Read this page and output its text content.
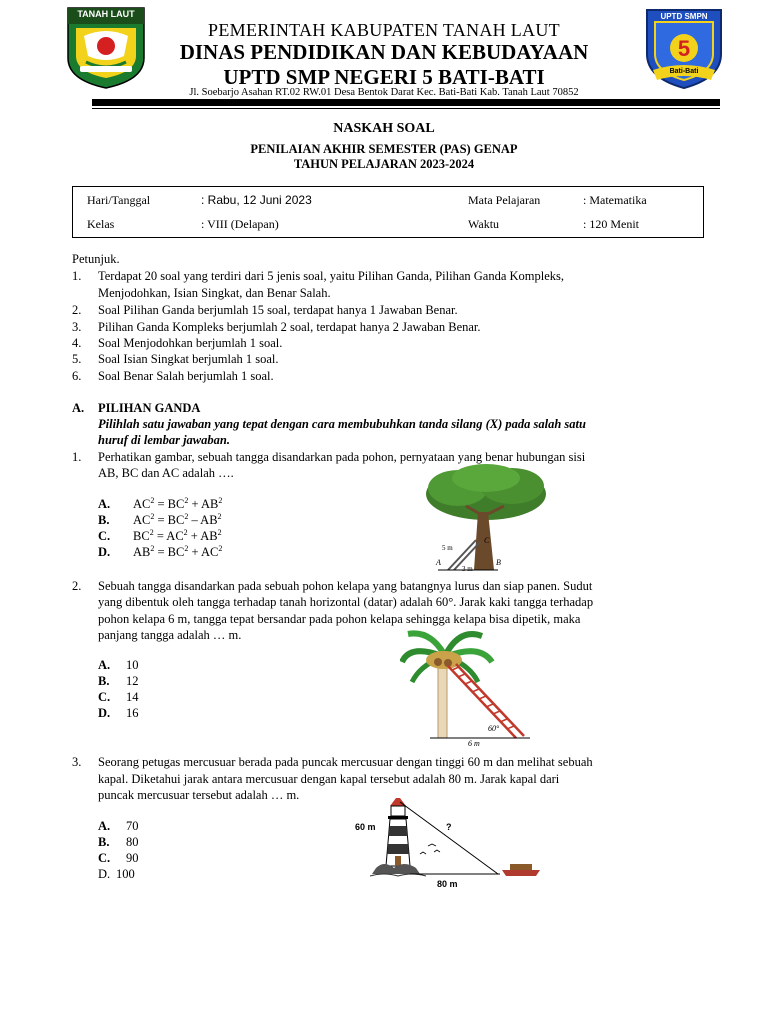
TANAH LAUT
5
UPTD SMPN
Bati-Bati
PEMERINTAH KABUPATEN TANAH LAUT
DINAS PENDIDIKAN DAN KEBUDAYAAN
UPTD SMP NEGERI 5 BATI-BATI
Jl. Soebarjo Asahan RT.02 RW.01 Desa Bentok Darat Kec. Bati-Bati Kab. Tanah Laut 70852
NASKAH SOAL
PENILAIAN AKHIR SEMESTER (PAS) GENAP
TAHUN PELAJARAN 2023-2024
Hari/Tanggal	: Rabu, 12 Juni 2023	Mata Pelajaran	: Matematika
Kelas	: VIII (Delapan)	Waktu	: 120 Menit
Petunjuk.
1. Terdapat 20 soal yang terdiri dari 5 jenis soal, yaitu Pilihan Ganda, Pilihan Ganda Kompleks,
Menjodohkan, Isian Singkat, dan Benar Salah.
2. Soal Pilihan Ganda berjumlah 15 soal, terdapat hanya 1 Jawaban Benar.
3. Pilihan Ganda Kompleks berjumlah 2 soal, terdapat hanya 2 Jawaban Benar.
4. Soal Menjodohkan berjumlah 1 soal.
5. Soal Isian Singkat berjumlah 1 soal.
6. Soal Benar Salah berjumlah 1 soal.
A. PILIHAN GANDA
Pilihlah satu jawaban yang tepat dengan cara membubuhkan tanda silang (X) pada salah satu
huruf di lembar jawaban.
1. Perhatikan gambar, sebuah tangga disandarkan pada pohon, pernyataan yang benar hubungan sisi
AB, BC dan AC adalah ….
A. $AC^2 = BC^2 + AB^2$
B. $AC^2 = BC^2 - AB^2$
C. $BC^2 = AC^2 + AB^2$
D. $AB^2 = BC^2 + AC^2$
A	B
C
5 m
3 m
2. Sebuah tangga disandarkan pada sebuah pohon kelapa yang batangnya lurus dan siap panen. Sudut
yang dibentuk oleh tangga terhadap tanah horizontal (datar) adalah 60°. Jarak kaki tangga terhadap
pohon kelapa 6 m, tangga tepat bersandar pada pohon kelapa sehingga kelapa bisa dipetik, maka
panjang tangga adalah … m.
A. 10
B. 12
C. 14
D. 16
60°
6 m
3. Seorang petugas mercusuar berada pada puncak mercusuar dengan tinggi 60 m dan melihat sebuah
kapal. Diketahui jarak antara mercusuar dengan kapal tersebut adalah 80 m. Jarak kapal dari
puncak mercusuar tersebut adalah … m.
A. 70
B. 80
C. 90
D. 100
60 m	?
80 m
